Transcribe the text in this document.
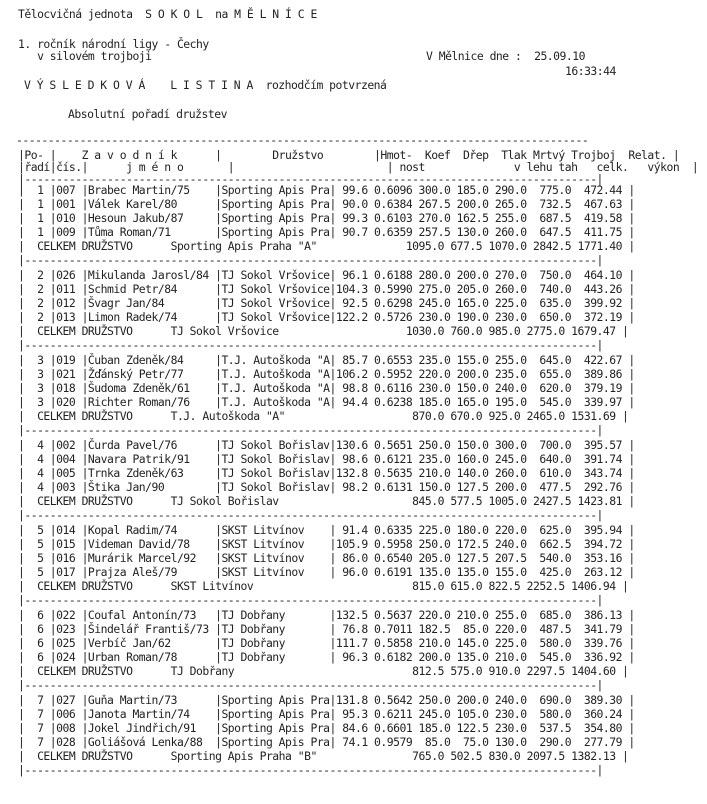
Tělocvičná jednota  S O K O L  na M Ě L N Í C E
1. ročník národní ligy - Čechy
v silovém trojboji	V Mělnice dne :  25.09.10
16:33:44
V Ý S L E D K O V Á    L I S T I N A  rozhodčím potvrzená
Absolutní pořadí družstev
------------------------------------------------------------------------------------------
|Po- |    Z a v o d n í k      |        Družstvo        |Hmot-  Koef  Dřep  Tlak Mrtvý Trojboj  Relat. |
|řadí|čís.|      j m é n o       |                        | nost              v lehu tah   celk.   výkon  |
|------------------------------------------------------------------------------------------|
|  1 |007 |Brabec Martin/75    |Sporting Apis Pra| 99.6 0.6096 300.0 185.0 290.0  775.0  472.44 |
|  1 |001 |Válek Karel/80      |Sporting Apis Pra| 90.0 0.6384 267.5 200.0 265.0  732.5  467.63 |
|  1 |010 |Hesoun Jakub/87     |Sporting Apis Pra| 99.3 0.6103 270.0 162.5 255.0  687.5  419.58 |
|  1 |009 |Tůma Roman/71       |Sporting Apis Pra| 90.7 0.6359 257.5 130.0 260.0  647.5  411.75 |
|  CELKEM DRUŽSTVO      Sporting Apis Praha "A"              1095.0 677.5 1070.0 2842.5 1771.40 |
|------------------------------------------------------------------------------------------|
|  2 |026 |Mikulanda Jarosl/84 |TJ Sokol Vršovice| 96.1 0.6188 280.0 200.0 270.0  750.0  464.10 |
|  2 |011 |Schmid Petr/84      |TJ Sokol Vršovice|104.3 0.5990 275.0 205.0 260.0  740.0  443.26 |
|  2 |012 |Švagr Jan/84        |TJ Sokol Vršovice| 92.5 0.6298 245.0 165.0 225.0  635.0  399.92 |
|  2 |013 |Limon Radek/74      |TJ Sokol Vršovice|122.2 0.5726 230.0 190.0 230.0  650.0  372.19 |
|  CELKEM DRUŽSTVO      TJ Sokol Vršovice                    1030.0 760.0 985.0 2775.0 1679.47 |
|------------------------------------------------------------------------------------------|
|  3 |019 |Čuban Zdeněk/84     |T.J. Autoškoda "A| 85.7 0.6553 235.0 155.0 255.0  645.0  422.67 |
|  3 |021 |Žďánský Petr/77     |T.J. Autoškoda "A|106.2 0.5952 220.0 200.0 235.0  655.0  389.86 |
|  3 |018 |Šudoma Zdeněk/61    |T.J. Autoškoda "A| 98.8 0.6116 230.0 150.0 240.0  620.0  379.19 |
|  3 |020 |Richter Roman/76    |T.J. Autoškoda "A| 94.4 0.6238 185.0 165.0 195.0  545.0  339.97 |
|  CELKEM DRUŽSTVO      T.J. Autoškoda "A"                    870.0 670.0 925.0 2465.0 1531.69 |
|------------------------------------------------------------------------------------------|
|  4 |002 |Čurda Pavel/76      |TJ Sokol Bořislav|130.6 0.5651 250.0 150.0 300.0  700.0  395.57 |
|  4 |004 |Navara Patrik/91    |TJ Sokol Bořislav| 98.6 0.6121 235.0 160.0 245.0  640.0  391.74 |
|  4 |005 |Trnka Zdeněk/63     |TJ Sokol Bořislav|132.8 0.5635 210.0 140.0 260.0  610.0  343.74 |
|  4 |003 |Štika Jan/90        |TJ Sokol Bořislav| 98.2 0.6131 150.0 127.5 200.0  477.5  292.76 |
|  CELKEM DRUŽSTVO      TJ Sokol Bořislav                     845.0 577.5 1005.0 2427.5 1423.81 |
|------------------------------------------------------------------------------------------|
|  5 |014 |Kopal Radim/74      |SKST Litvínov    | 91.4 0.6335 225.0 180.0 220.0  625.0  395.94 |
|  5 |015 |Videman David/78    |SKST Litvínov    |105.9 0.5958 250.0 172.5 240.0  662.5  394.72 |
|  5 |016 |Murárik Marcel/92   |SKST Litvínov    | 86.0 0.6540 205.0 127.5 207.5  540.0  353.16 |
|  5 |017 |Prajza Aleš/79      |SKST Litvínov    | 96.0 0.6191 135.0 135.0 155.0  425.0  263.12 |
|  CELKEM DRUŽSTVO      SKST Litvínov                         815.0 615.0 822.5 2252.5 1406.94 |
|------------------------------------------------------------------------------------------|
|  6 |022 |Coufal Antonín/73   |TJ Dobřany       |132.5 0.5637 220.0 210.0 255.0  685.0  386.13 |
|  6 |023 |Šindelář Františ/73 |TJ Dobřany       | 76.8 0.7011 182.5  85.0 220.0  487.5  341.79 |
|  6 |025 |Verbíč Jan/62       |TJ Dobřany       |111.7 0.5858 210.0 145.0 225.0  580.0  339.76 |
|  6 |024 |Urban Roman/78      |TJ Dobřany       | 96.3 0.6182 200.0 135.0 210.0  545.0  336.92 |
|  CELKEM DRUŽSTVO      TJ Dobřany                            812.5 575.0 910.0 2297.5 1404.60 |
|------------------------------------------------------------------------------------------|
|  7 |027 |Guňa Martin/73      |Sporting Apis Pra|131.8 0.5642 250.0 200.0 240.0  690.0  389.30 |
|  7 |006 |Janota Martin/74    |Sporting Apis Pra| 95.3 0.6211 245.0 105.0 230.0  580.0  360.24 |
|  7 |008 |Jokel Jindřich/91   |Sporting Apis Pra| 84.6 0.6601 185.0 122.5 230.0  537.5  354.80 |
|  7 |028 |Goliášová Lenka/88  |Sporting Apis Pra| 74.1 0.9579  85.0  75.0 130.0  290.0  277.79 |
|  CELKEM DRUŽSTVO      Sporting Apis Praha "B"               765.0 502.5 830.0 2097.5 1382.13 |
|------------------------------------------------------------------------------------------|
